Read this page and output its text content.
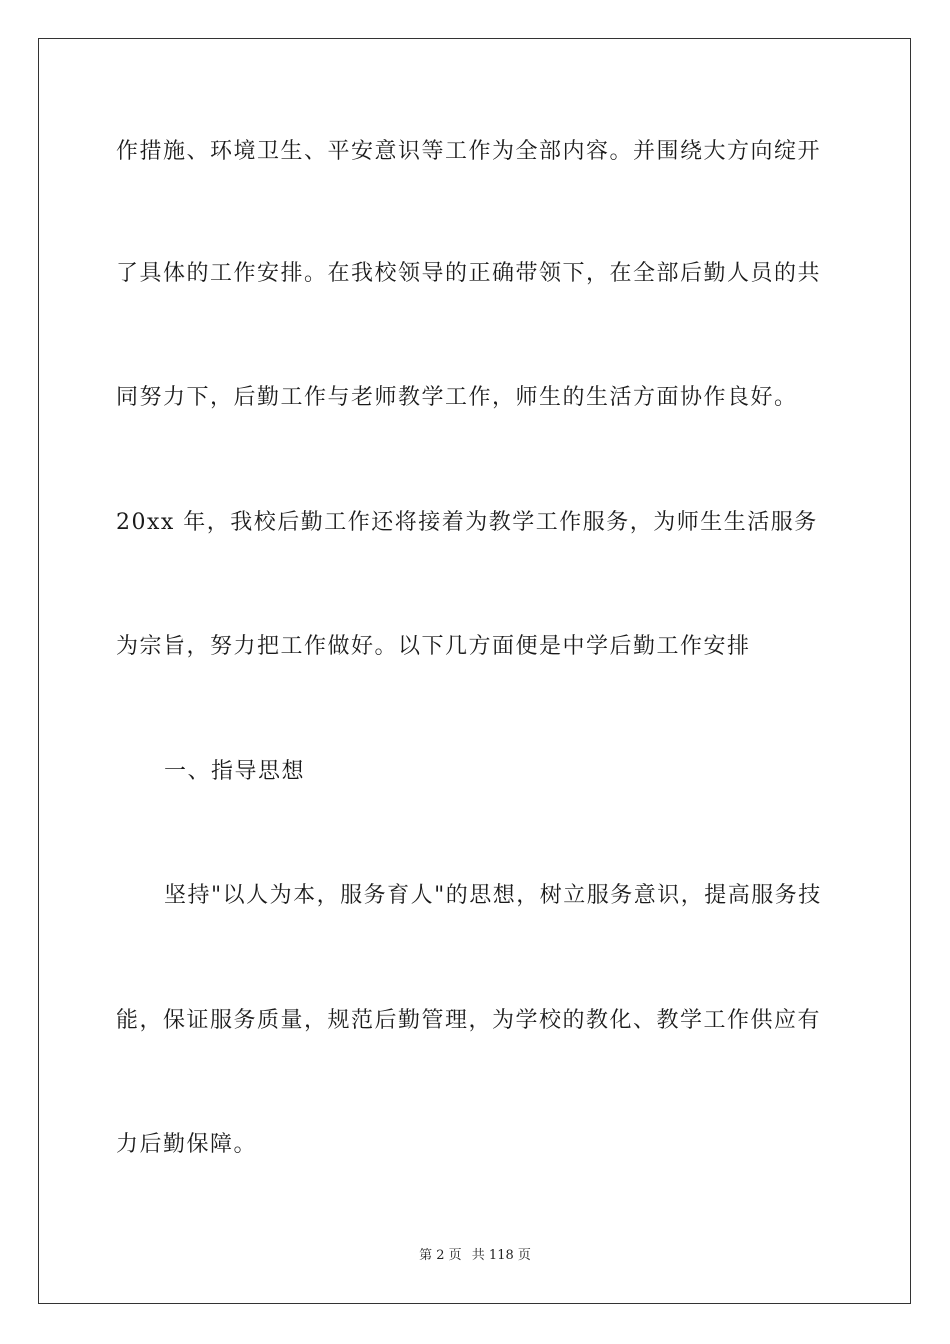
作措施、环境卫生、平安意识等工作为全部内容。并围绕大方向绽开
了具体的工作安排。在我校领导的正确带领下，在全部后勤人员的共
同努力下，后勤工作与老师教学工作，师生的生活方面协作良好。
20xx 年，我校后勤工作还将接着为教学工作服务，为师生生活服务
为宗旨，努力把工作做好。以下几方面便是中学后勤工作安排
一、指导思想
坚持"以人为本，服务育人"的思想，树立服务意识，提高服务技
能，保证服务质量，规范后勤管理，为学校的教化、教学工作供应有
力后勤保障。
第 2 页 共 118 页
